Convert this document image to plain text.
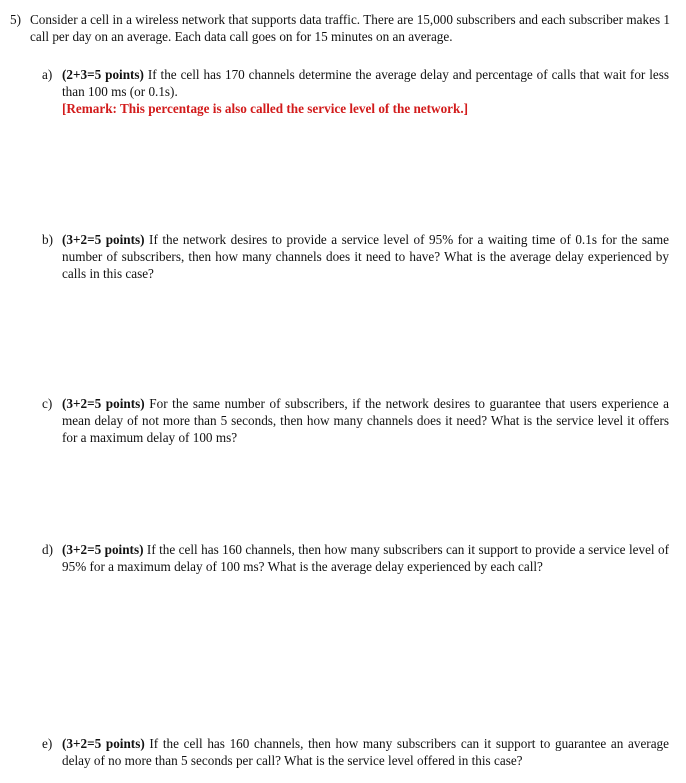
5) Consider a cell in a wireless network that supports data traffic. There are 15,000 subscribers and each subscriber makes 1 call per day on an average. Each data call goes on for 15 minutes on an average.
a) (2+3=5 points) If the cell has 170 channels determine the average delay and percentage of calls that wait for less than 100 ms (or 0.1s).
[Remark: This percentage is also called the service level of the network.]
b) (3+2=5 points) If the network desires to provide a service level of 95% for a waiting time of 0.1s for the same number of subscribers, then how many channels does it need to have? What is the average delay experienced by calls in this case?
c) (3+2=5 points) For the same number of subscribers, if the network desires to guarantee that users experience a mean delay of not more than 5 seconds, then how many channels does it need? What is the service level it offers for a maximum delay of 100 ms?
d) (3+2=5 points) If the cell has 160 channels, then how many subscribers can it support to provide a service level of 95% for a maximum delay of 100 ms? What is the average delay experienced by each call?
e) (3+2=5 points) If the cell has 160 channels, then how many subscribers can it support to guarantee an average delay of no more than 5 seconds per call? What is the service level offered in this case?
